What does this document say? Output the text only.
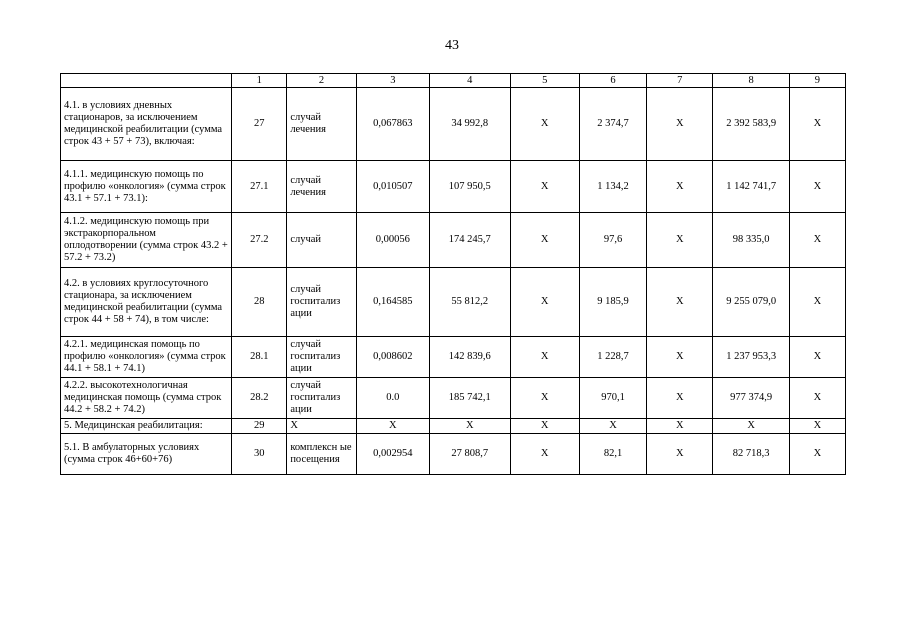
43
	1	2	3	4	5	6	7	8	9
4.1. в условиях дневных стационаров, за исключением медицинской реабилитации (сумма строк 43 + 57 + 73), включая:	27	случай лечения	0,067863	34 992,8	X	2 374,7	X	2 392 583,9	X
4.1.1. медицинскую помощь по профилю «онкология» (сумма строк 43.1 + 57.1 + 73.1):	27.1	случай лечения	0,010507	107 950,5	X	1 134,2	X	1 142 741,7	X
4.1.2. медицинскую помощь при экстракорпоральном оплодотворении (сумма строк 43.2 + 57.2 + 73.2)	27.2	случай	0,00056	174 245,7	X	97,6	X	98 335,0	X
4.2. в условиях круглосуточного стационара, за исключением медицинской реабилитации (сумма строк 44 + 58 + 74), в том числе:	28	случай госпитализ ации	0,164585	55 812,2	X	9 185,9	X	9 255 079,0	X
4.2.1. медицинская помощь по профилю «онкология» (сумма строк 44.1 + 58.1 + 74.1)	28.1	случай госпитализ ации	0,008602	142 839,6	X	1 228,7	X	1 237 953,3	X
4.2.2. высокотехнологичная медицинская помощь (сумма строк 44.2 + 58.2 + 74.2)	28.2	случай госпитализ ации	0.0	185 742,1	X	970,1	X	977 374,9	X
5. Медицинская реабилитация:	29	X	X	X	X	X	X	X	X
5.1. В амбулаторных условиях (сумма строк 46+60+76)	30	комплексн ые посещения	0,002954	27 808,7	X	82,1	X	82 718,3	X
